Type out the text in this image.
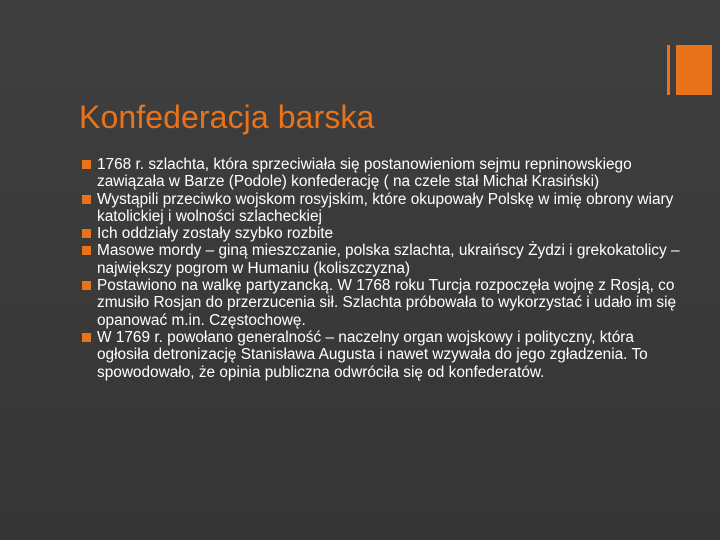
Konfederacja barska
1768 r. szlachta, która sprzeciwiała się postanowieniom sejmu repninowskiego zawiązała w Barze (Podole) konfederację ( na czele stał Michał Krasiński)
Wystąpili przeciwko wojskom rosyjskim, które okupowały Polskę w imię obrony wiary katolickiej i wolności szlacheckiej
Ich oddziały zostały szybko rozbite
Masowe mordy – giną mieszczanie, polska szlachta, ukraińscy Żydzi i grekokatolicy – największy pogrom w Humaniu (koliszczyzna)
Postawiono na walkę partyzancką. W 1768 roku Turcja rozpoczęła wojnę z Rosją, co zmusiło Rosjan do przerzucenia sił. Szlachta próbowała to wykorzystać i udało im się opanować m.in. Częstochowę.
W 1769 r. powołano generalność – naczelny organ wojskowy i polityczny, która ogłosiła detronizację Stanisława Augusta i nawet wzywała do jego zgładzenia. To spowodowało, że opinia publiczna odwróciła się od konfederatów.
